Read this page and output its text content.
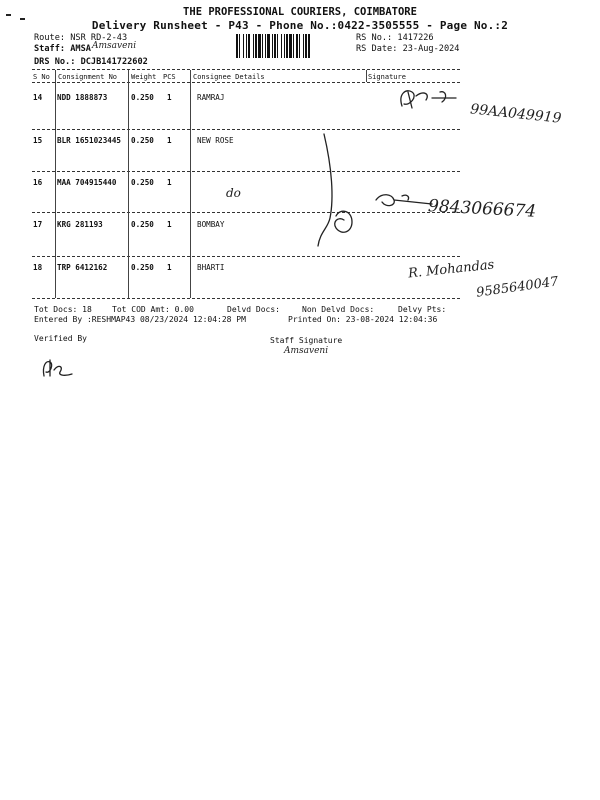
THE PROFESSIONAL COURIERS, COIMBATORE
Delivery Runsheet - P43 - Phone No.:0422-3505555 - Page No.:2
Route: NSR RD-2-43
Staff: AMSA Amsaveni
DRS No.: DCJB141722602
RS No.: 1417226
RS Date: 23-Aug-2024
S No Consignment No Weight PCS Consignee Details	Signature
14 NDD 1888873	0.250 1	RAMRAJ
15 BLR 1651023445 0.250 1	NEW ROSE
16 MAA 704915440 0.250 1
17 KRG 281193	0.250 1	BOMBAY
18 TRP 6412162	0.250 1	BHARTI
99AA049919
do
9843066674
R. Mohandas
9585640047
Tot Docs: 18	Tot COD Amt: 0.00	Delvd Docs:	Non Delvd Docs:	Delvy Pts:
Entered By :RESHMAP43 08/23/2024 12:04:28 PM	Printed On: 23-08-2024 12:04:36
Verified By	Staff Signature
Amsaveni
